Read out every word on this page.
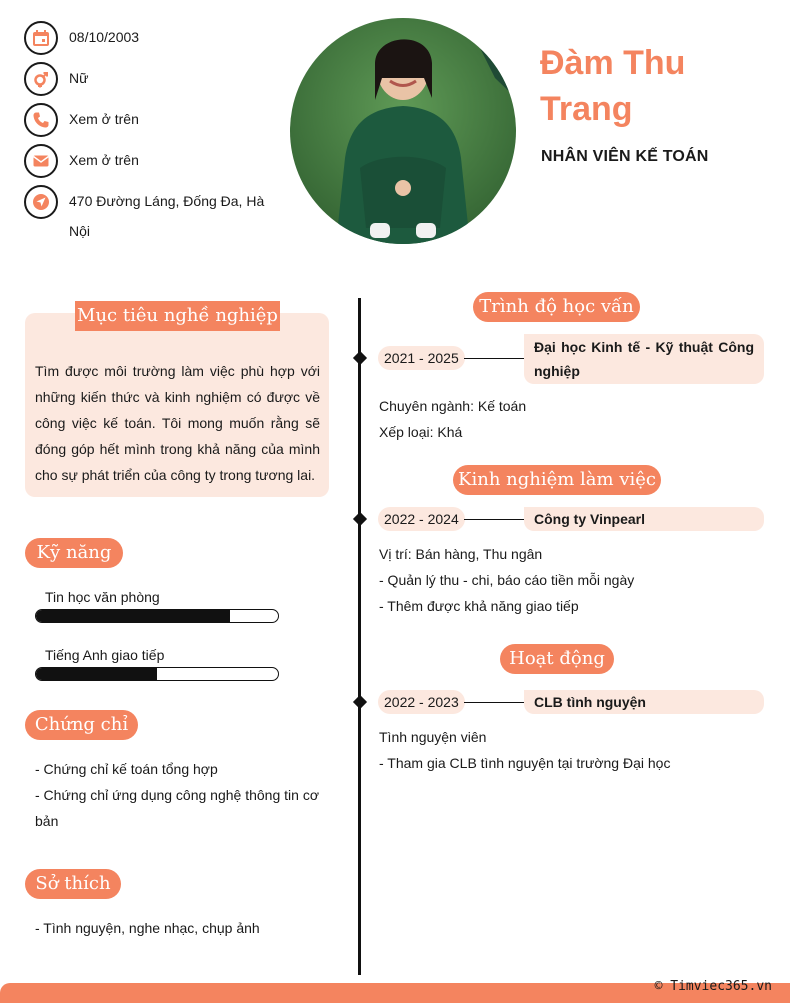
08/10/2003
Nữ
Xem ở trên
Xem ở trên
470 Đường Láng, Đống Đa, Hà Nội
Đàm Thu Trang
NHÂN VIÊN KẾ TOÁN
Mục tiêu nghề nghiệp
Tìm được môi trường làm việc phù hợp với những kiến thức và kinh nghiệm có được về công việc kế toán. Tôi mong muốn rằng sẽ đóng góp hết mình trong khả năng của mình cho sự phát triển của công ty trong tương lai.
Kỹ năng
Tin học văn phòng
Tiếng Anh giao tiếp
Chứng chỉ
- Chứng chỉ kế toán tổng hợp
- Chứng chỉ ứng dụng công nghệ thông tin cơ bản
Sở thích
- Tình nguyện, nghe nhạc, chụp ảnh
Trình độ học vấn
2021 - 2025
Đại học Kinh tế - Kỹ thuật Công nghiệp
Chuyên ngành: Kế toán
Xếp loại: Khá
Kinh nghiệm làm việc
2022 - 2024	Công ty Vinpearl
Vị trí: Bán hàng, Thu ngân
- Quản lý thu - chi, báo cáo tiền mỗi ngày
- Thêm được khả năng giao tiếp
Hoạt động
2022 - 2023	CLB tình nguyện
Tình nguyện viên
- Tham gia CLB tình nguyện tại trường Đại học
© Timviec365.vn
